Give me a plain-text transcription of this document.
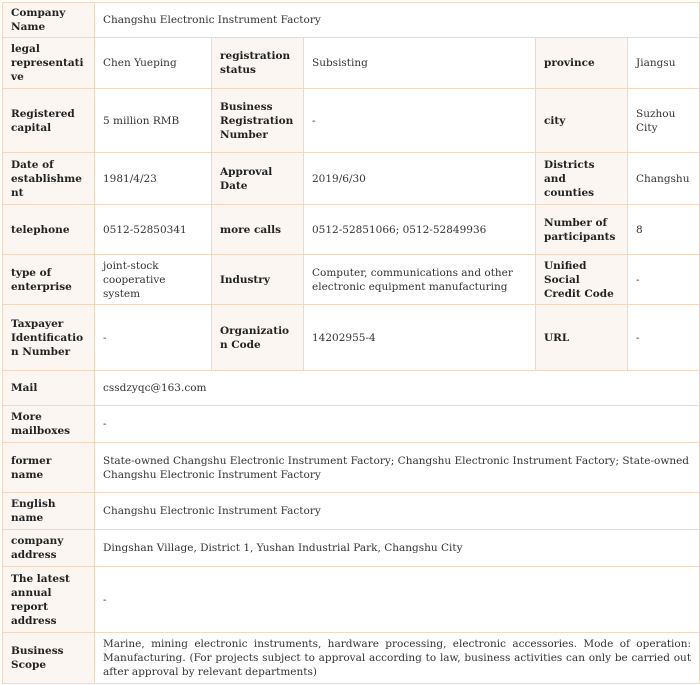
Company Name	Changshu Electronic Instrument Factory				
legal representative	Chen Yueping	registration status	Subsisting	province	Jiangsu
Registered capital	5 million RMB	Business Registration Number	-	city	Suzhou City
Date of establishment	1981/4/23	Approval Date	2019/6/30	Districts and counties	Changshu
telephone	0512-52850341	more calls	0512-52851066; 0512-52849936	Number of participants	8
type of enterprise	joint-stock cooperative system	Industry	Computer, communications and other electronic equipment manufacturing	Unified Social Credit Code	-
Taxpayer Identification Number	-	Organization Code	14202955-4	URL	-
Mail	cssdzyqc@163.com				
More mailboxes	-				
former name	State-owned Changshu Electronic Instrument Factory; Changshu Electronic Instrument Factory; State-owned Changshu Electronic Instrument Factory				
English name	Changshu Electronic Instrument Factory				
company address	Dingshan Village, District 1, Yushan Industrial Park, Changshu City				
The latest annual report address	-				
Business Scope	Marine, mining electronic instruments, hardware processing, electronic accessories. Mode of operation: Manufacturing. (For projects subject to approval according to law, business activities can only be carried out after approval by relevant departments)				
